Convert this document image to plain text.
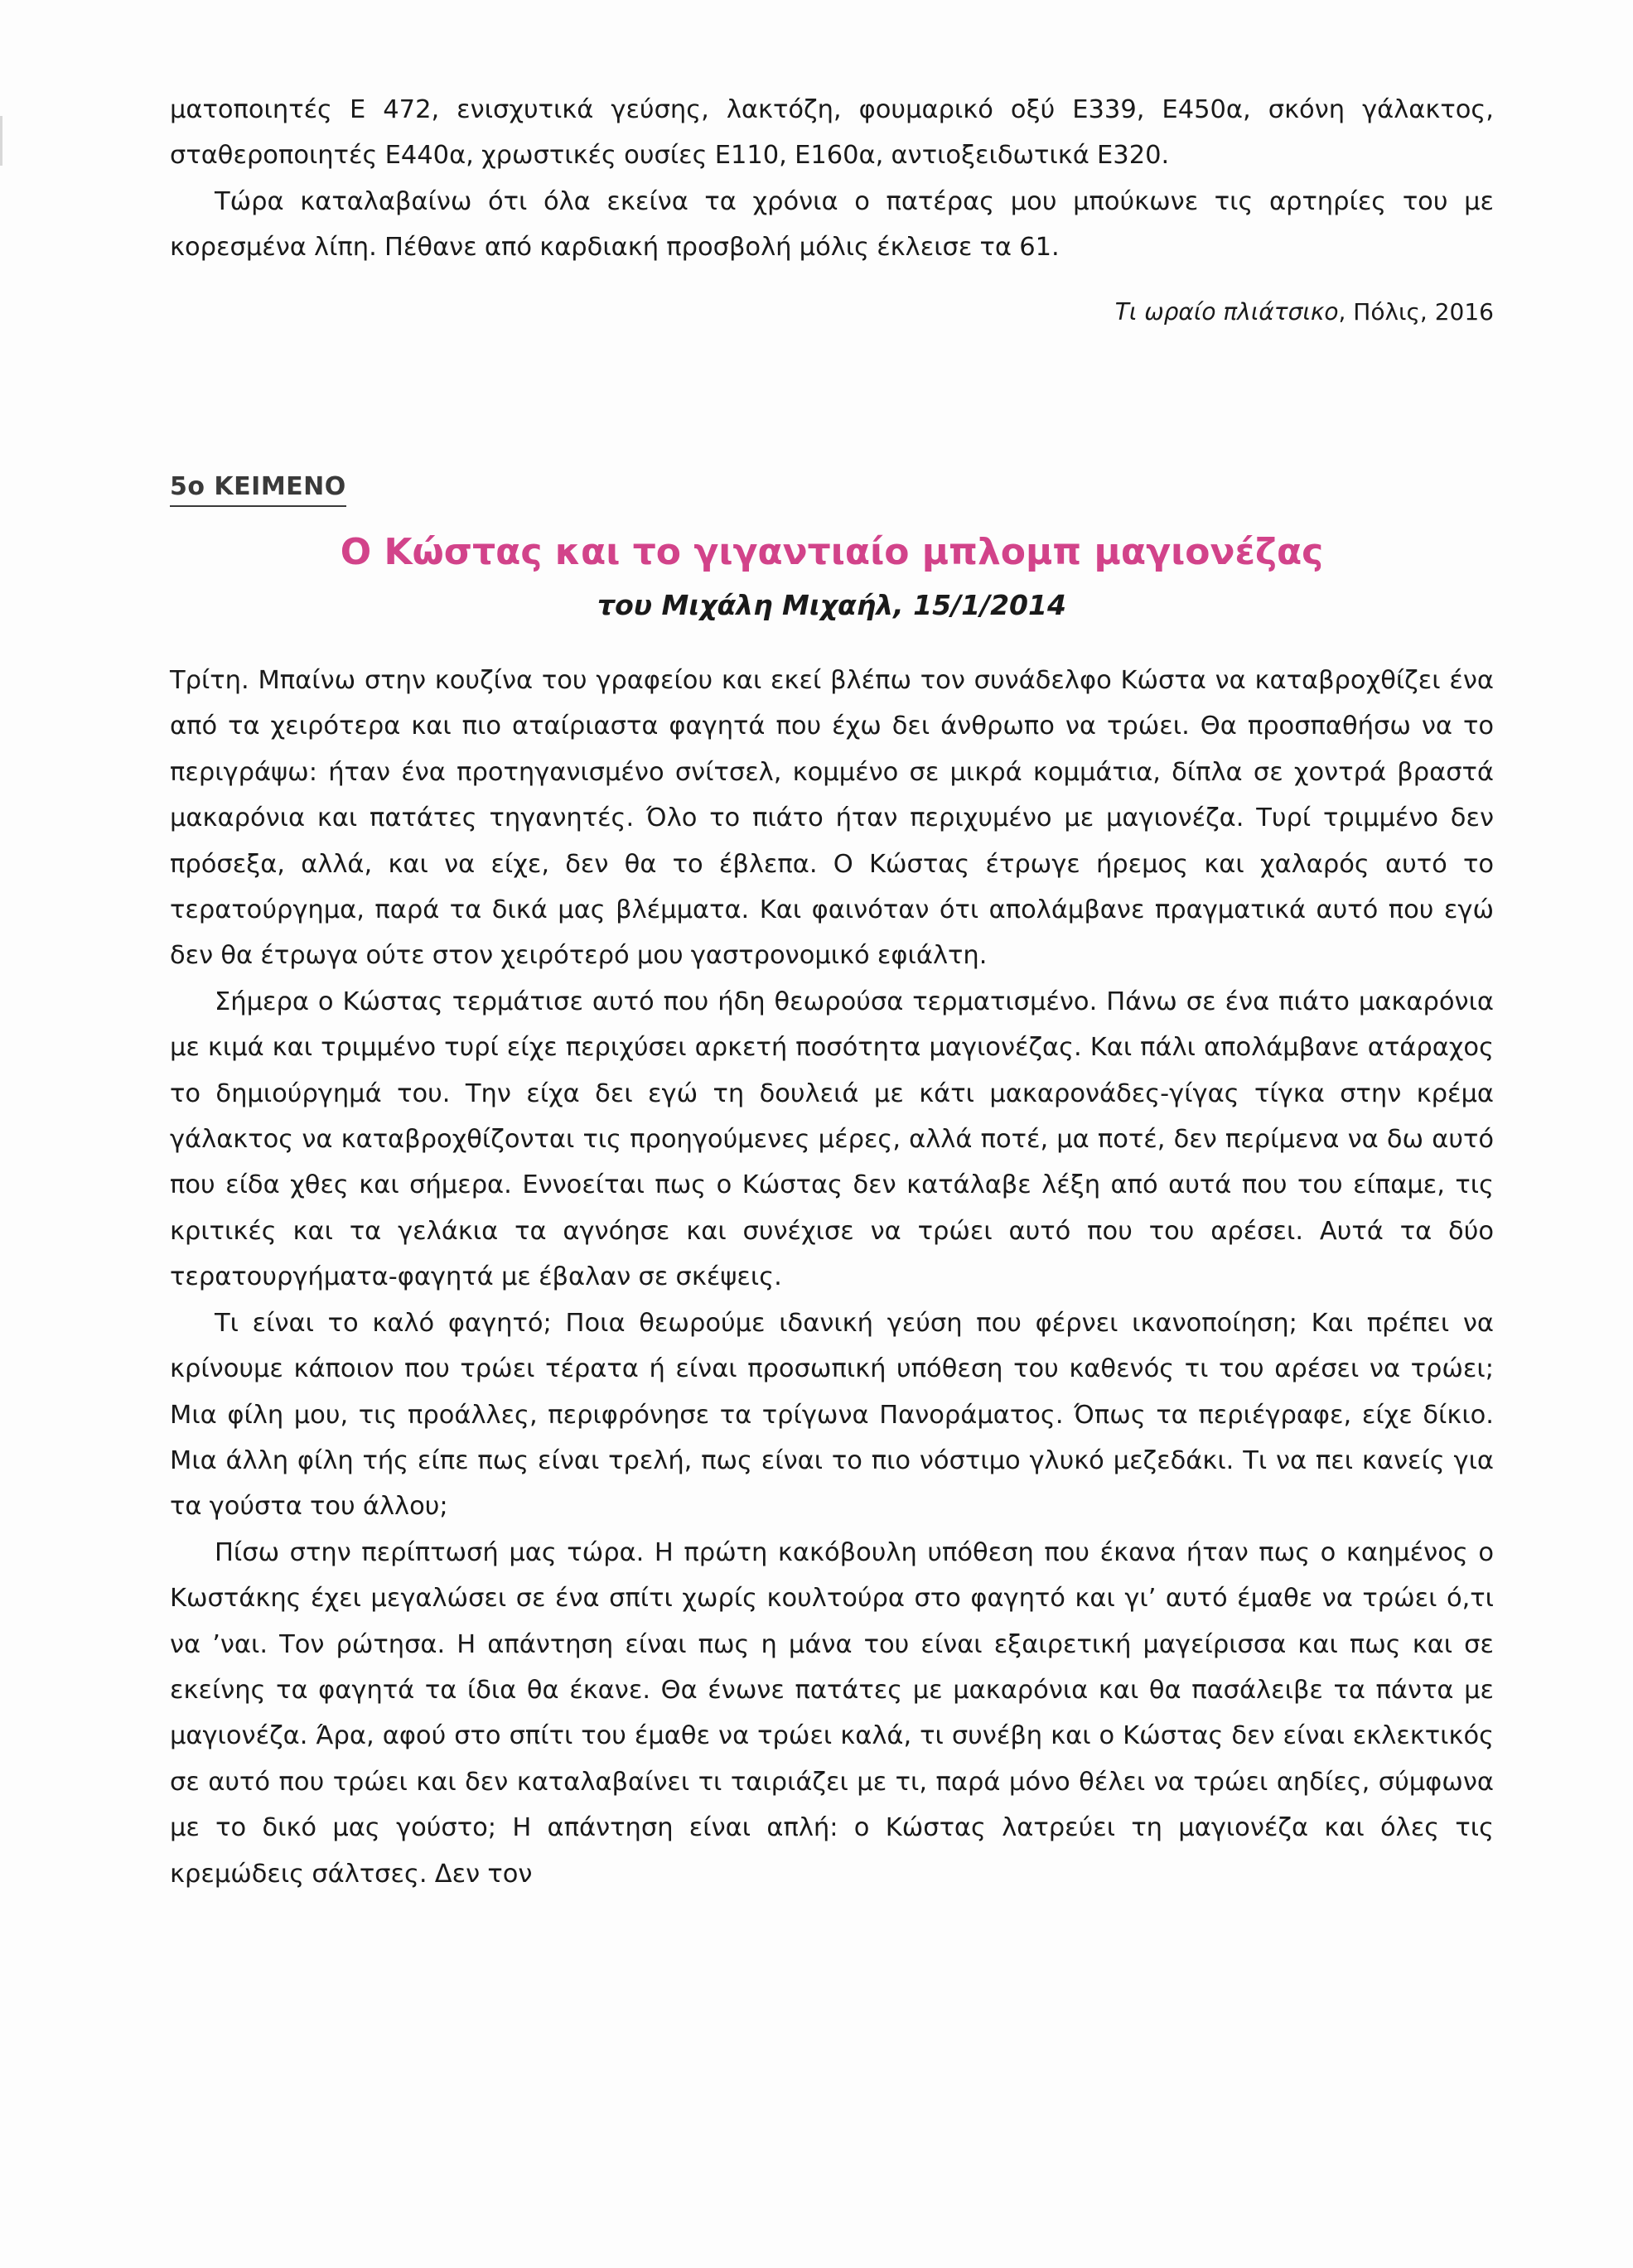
ματοποιητές Ε 472, ενισχυτικά γεύσης, λακτόζη, φουμαρικό οξύ Ε339, Ε450α, σκόνη γάλακτος, σταθεροποιητές Ε440α, χρωστικές ουσίες Ε110, Ε160α, αντιοξειδωτικά Ε320.

Τώρα καταλαβαίνω ότι όλα εκείνα τα χρόνια ο πατέρας μου μπούκωνε τις αρτηρίες του με κορεσμένα λίπη. Πέθανε από καρδιακή προσβολή μόλις έκλεισε τα 61.

Τι ωραίο πλιάτσικο, Πόλις, 2016
5ο ΚΕΙΜΕΝΟ
Ο Κώστας και το γιγαντιαίο μπλομπ μαγιονέζας
του Μιχάλη Μιχαήλ, 15/1/2014

Τρίτη. Μπαίνω στην κουζίνα του γραφείου και εκεί βλέπω τον συνάδελφο Κώστα να καταβροχθίζει ένα από τα χειρότερα και πιο αταίριαστα φαγητά που έχω δει άνθρωπο να τρώει. Θα προσπαθήσω να το περιγράψω: ήταν ένα προτηγανισμένο σνίτσελ, κομμένο σε μικρά κομμάτια, δίπλα σε χοντρά βραστά μακαρόνια και πατάτες τηγανητές. Όλο το πιάτο ήταν περιχυμένο με μαγιονέζα. Τυρί τριμμένο δεν πρόσεξα, αλλά, και να είχε, δεν θα το έβλεπα. Ο Κώστας έτρωγε ήρεμος και χαλαρός αυτό το τερατούργημα, παρά τα δικά μας βλέμματα. Και φαινόταν ότι απολάμβανε πραγματικά αυτό που εγώ δεν θα έτρωγα ούτε στον χειρότερό μου γαστρονομικό εφιάλτη.

Σήμερα ο Κώστας τερμάτισε αυτό που ήδη θεωρούσα τερματισμένο. Πάνω σε ένα πιάτο μακαρόνια με κιμά και τριμμένο τυρί είχε περιχύσει αρκετή ποσότητα μαγιονέζας. Και πάλι απολάμβανε ατάραχος το δημιούργημά του. Την είχα δει εγώ τη δουλειά με κάτι μακαρονάδες-γίγας τίγκα στην κρέμα γάλακτος να καταβροχθίζονται τις προηγούμενες μέρες, αλλά ποτέ, μα ποτέ, δεν περίμενα να δω αυτό που είδα χθες και σήμερα. Εννοείται πως ο Κώστας δεν κατάλαβε λέξη από αυτά που του είπαμε, τις κριτικές και τα γελάκια τα αγνόησε και συνέχισε να τρώει αυτό που του αρέσει. Αυτά τα δύο τερατουργήματα-φαγητά με έβαλαν σε σκέψεις.

Τι είναι το καλό φαγητό; Ποια θεωρούμε ιδανική γεύση που φέρνει ικανοποίηση; Και πρέπει να κρίνουμε κάποιον που τρώει τέρατα ή είναι προσωπική υπόθεση του καθενός τι του αρέσει να τρώει; Μια φίλη μου, τις προάλλες, περιφρόνησε τα τρίγωνα Πανοράματος. Όπως τα περιέγραφε, είχε δίκιο. Μια άλλη φίλη τής είπε πως είναι τρελή, πως είναι το πιο νόστιμο γλυκό μεζεδάκι. Τι να πει κανείς για τα γούστα του άλλου;

Πίσω στην περίπτωσή μας τώρα. Η πρώτη κακόβουλη υπόθεση που έκανα ήταν πως ο καημένος ο Κωστάκης έχει μεγαλώσει σε ένα σπίτι χωρίς κουλτούρα στο φαγητό και γι’ αυτό έμαθε να τρώει ό,τι να ’ναι. Τον ρώτησα. Η απάντηση είναι πως η μάνα του είναι εξαιρετική μαγείρισσα και πως και σε εκείνης τα φαγητά τα ίδια θα έκανε. Θα ένωνε πατάτες με μακαρόνια και θα πασάλειβε τα πάντα με μαγιονέζα. Άρα, αφού στο σπίτι του έμαθε να τρώει καλά, τι συνέβη και ο Κώστας δεν είναι εκλεκτικός σε αυτό που τρώει και δεν καταλαβαίνει τι ταιριάζει με τι, παρά μόνο θέλει να τρώει αηδίες, σύμφωνα με το δικό μας γούστο; Η απάντηση είναι απλή: ο Κώστας λατρεύει τη μαγιονέζα και όλες τις κρεμώδεις σάλτσες. Δεν τον
